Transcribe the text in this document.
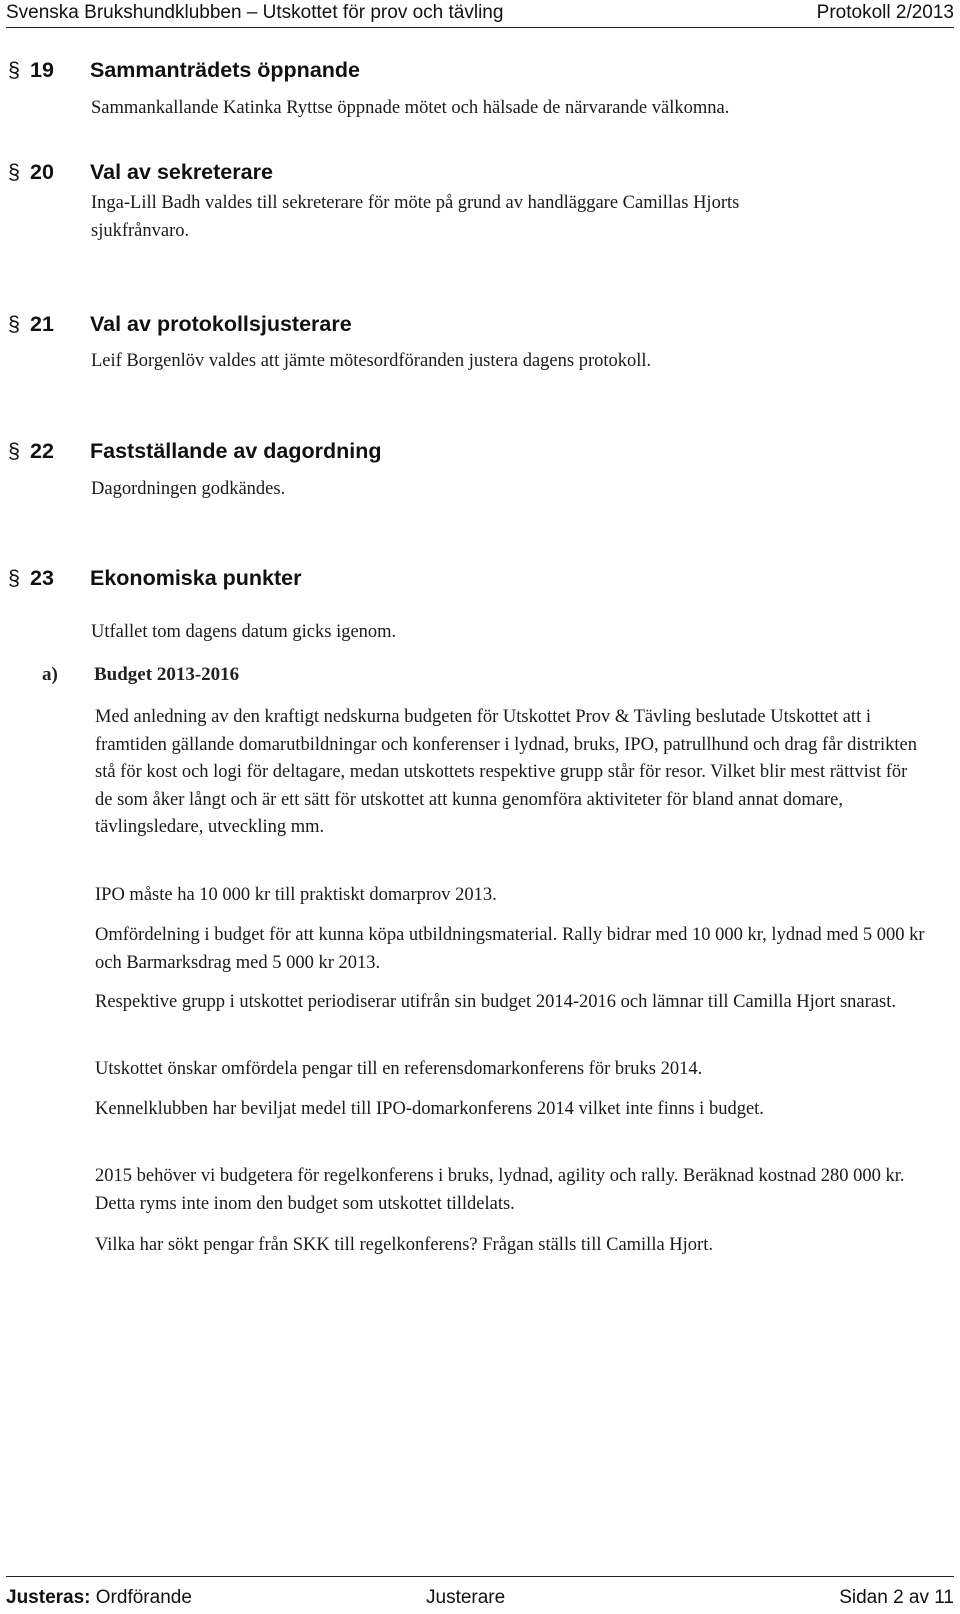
Svenska Brukshundklubben – Utskottet för prov och tävling	Protokoll 2/2013
§ 19 Sammanträdets öppnande
Sammankallande Katinka Ryttse öppnade mötet och hälsade de närvarande välkomna.
§ 20 Val av sekreterare
Inga-Lill Badh valdes till sekreterare för möte på grund av handläggare Camillas Hjorts
sjukfrånvaro.
§ 21 Val av protokollsjusterare
Leif Borgenlöv valdes att jämte mötesordföranden justera dagens protokoll.
§ 22 Fastställande av dagordning
Dagordningen godkändes.
§ 23 Ekonomiska punkter
Utfallet tom dagens datum gicks igenom.
a) Budget 2013-2016
Med anledning av den kraftigt nedskurna budgeten för Utskottet Prov & Tävling beslutade Utskottet att i framtiden gällande domarutbildningar och konferenser i lydnad, bruks, IPO, patrullhund och drag får distrikten stå för kost och logi för deltagare, medan utskottets respektive grupp står för resor. Vilket blir mest rättvist för de som åker långt och är ett sätt för utskottet att kunna genomföra aktiviteter för bland annat domare, tävlingsledare, utveckling mm.
IPO måste ha 10 000 kr till praktiskt domarprov 2013.
Omfördelning i budget för att kunna köpa utbildningsmaterial. Rally bidrar med 10 000 kr, lydnad med 5 000 kr och Barmarksdrag med 5 000 kr 2013.
Respektive grupp i utskottet periodiserar utifrån sin budget 2014-2016 och lämnar till Camilla Hjort snarast.
Utskottet önskar omfördela pengar till en referensdomarkonferens för bruks 2014.
Kennelklubben har beviljat medel till IPO-domarkonferens 2014 vilket inte finns i budget.
2015 behöver vi budgetera för regelkonferens i bruks, lydnad, agility och rally. Beräknad kostnad 280 000 kr. Detta ryms inte inom den budget som utskottet tilldelats.
Vilka har sökt pengar från SKK till regelkonferens? Frågan ställs till Camilla Hjort.
Justeras: Ordförande	Justerare	Sidan 2 av 11
